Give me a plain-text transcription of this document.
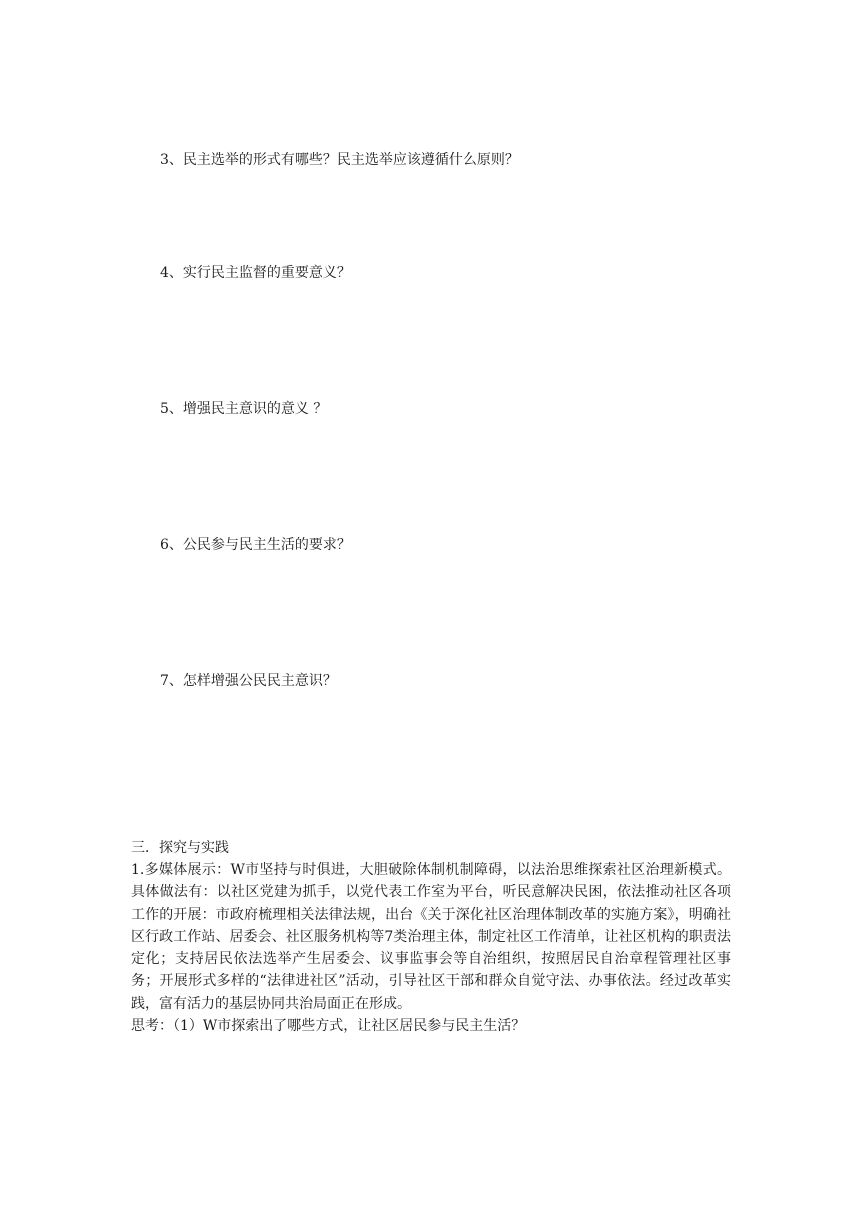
3、民主选举的形式有哪些？民主选举应该遵循什么原则？
4、实行民主监督的重要意义？
5、增强民主意识的意义 ？
6、公民参与民主生活的要求？
7、怎样增强公民民主意识？
三．探究与实践

1.多媒体展示：W市坚持与时俱进，大胆破除体制机制障碍，以法治思维探索社区治理新模式。具体做法有：以社区党建为抓手，以党代表工作室为平台，听民意解决民困，依法推动社区各项工作的开展：市政府梳理相关法律法规，出台《关于深化社区治理体制改革的实施方案》，明确社区行政工作站、居委会、社区服务机构等7类治理主体，制定社区工作清单，让社区机构的职责法定化；支持居民依法选举产生居委会、议事监事会等自治组织，按照居民自治章程管理社区事务；开展形式多样的“法律进社区”活动，引导社区干部和群众自觉守法、办事依法。经过改革实践，富有活力的基层协同共治局面正在形成。

思考：（1）W市探索出了哪些方式，让社区居民参与民主生活？
